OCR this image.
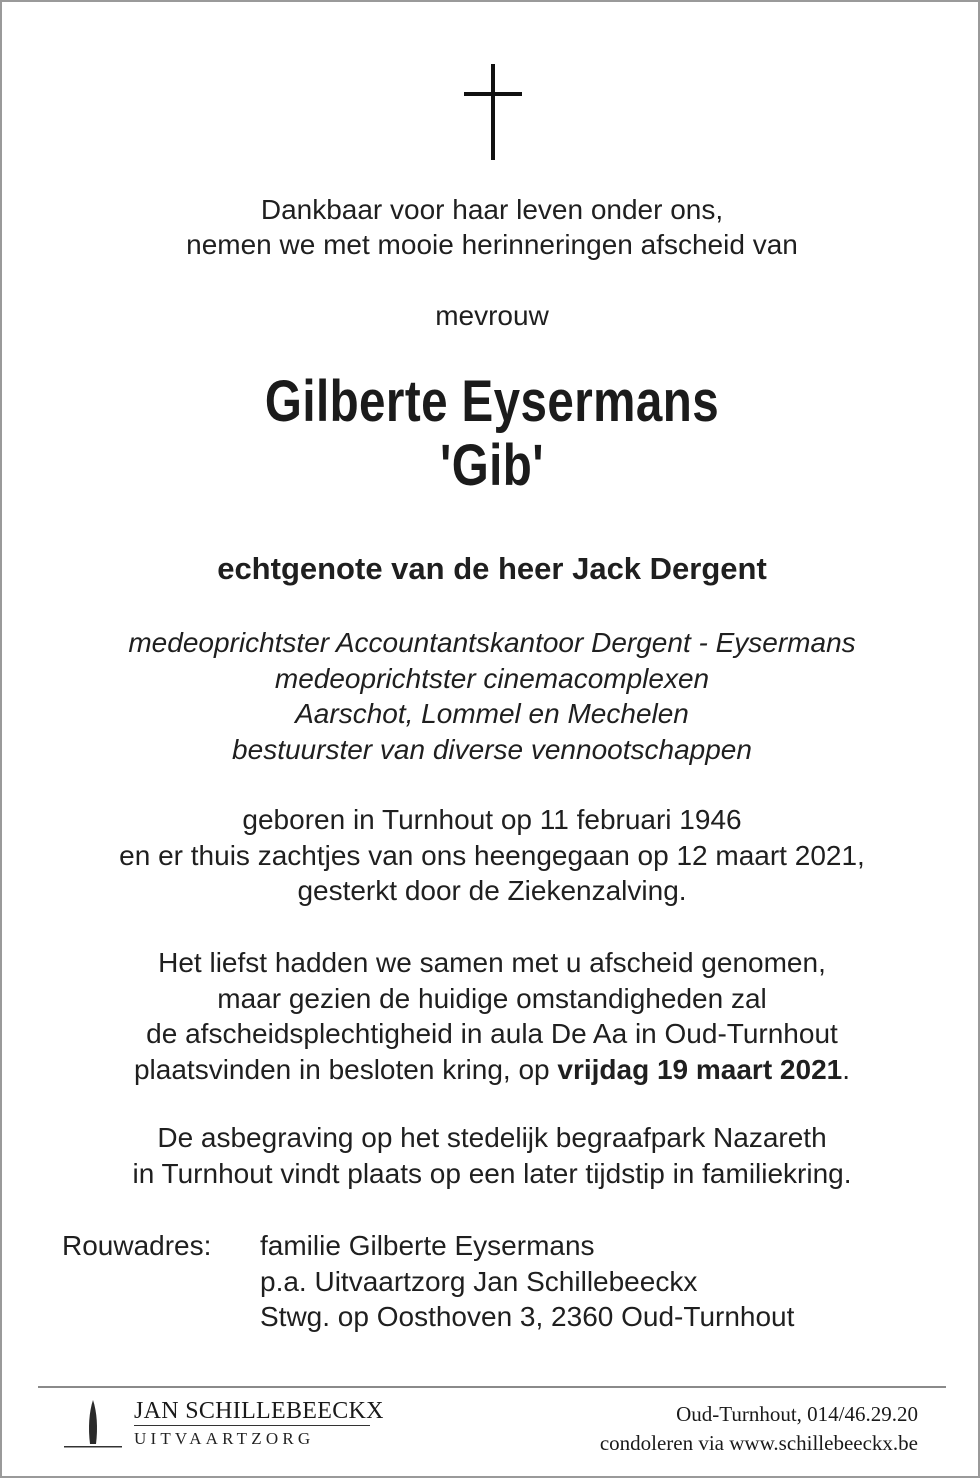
Dankbaar voor haar leven onder ons,
nemen we met mooie herinneringen afscheid van
mevrouw
Gilberte Eysermans
'Gib'
echtgenote van de heer Jack Dergent
medeoprichtster Accountantskantoor Dergent - Eysermans
medeoprichtster cinemacomplexen
Aarschot, Lommel en Mechelen
bestuurster van diverse vennootschappen
geboren in Turnhout op 11 februari 1946
en er thuis zachtjes van ons heengegaan op 12 maart 2021,
gesterkt door de Ziekenzalving.
Het liefst hadden we samen met u afscheid genomen,
maar gezien de huidige omstandigheden zal
de afscheidsplechtigheid in aula De Aa in Oud-Turnhout
plaatsvinden in besloten kring, op vrijdag 19 maart 2021.
De asbegraving op het stedelijk begraafpark Nazareth
in Turnhout vindt plaats op een later tijdstip in familiekring.
Rouwadres: familie Gilberte Eysermans
p.a. Uitvaartzorg Jan Schillebeeckx
Stwg. op Oosthoven 3, 2360 Oud-Turnhout
JAN SCHILLEBEECKX
UITVAARTZORG
Oud-Turnhout, 014/46.29.20
condoleren via www.schillebeeckx.be
